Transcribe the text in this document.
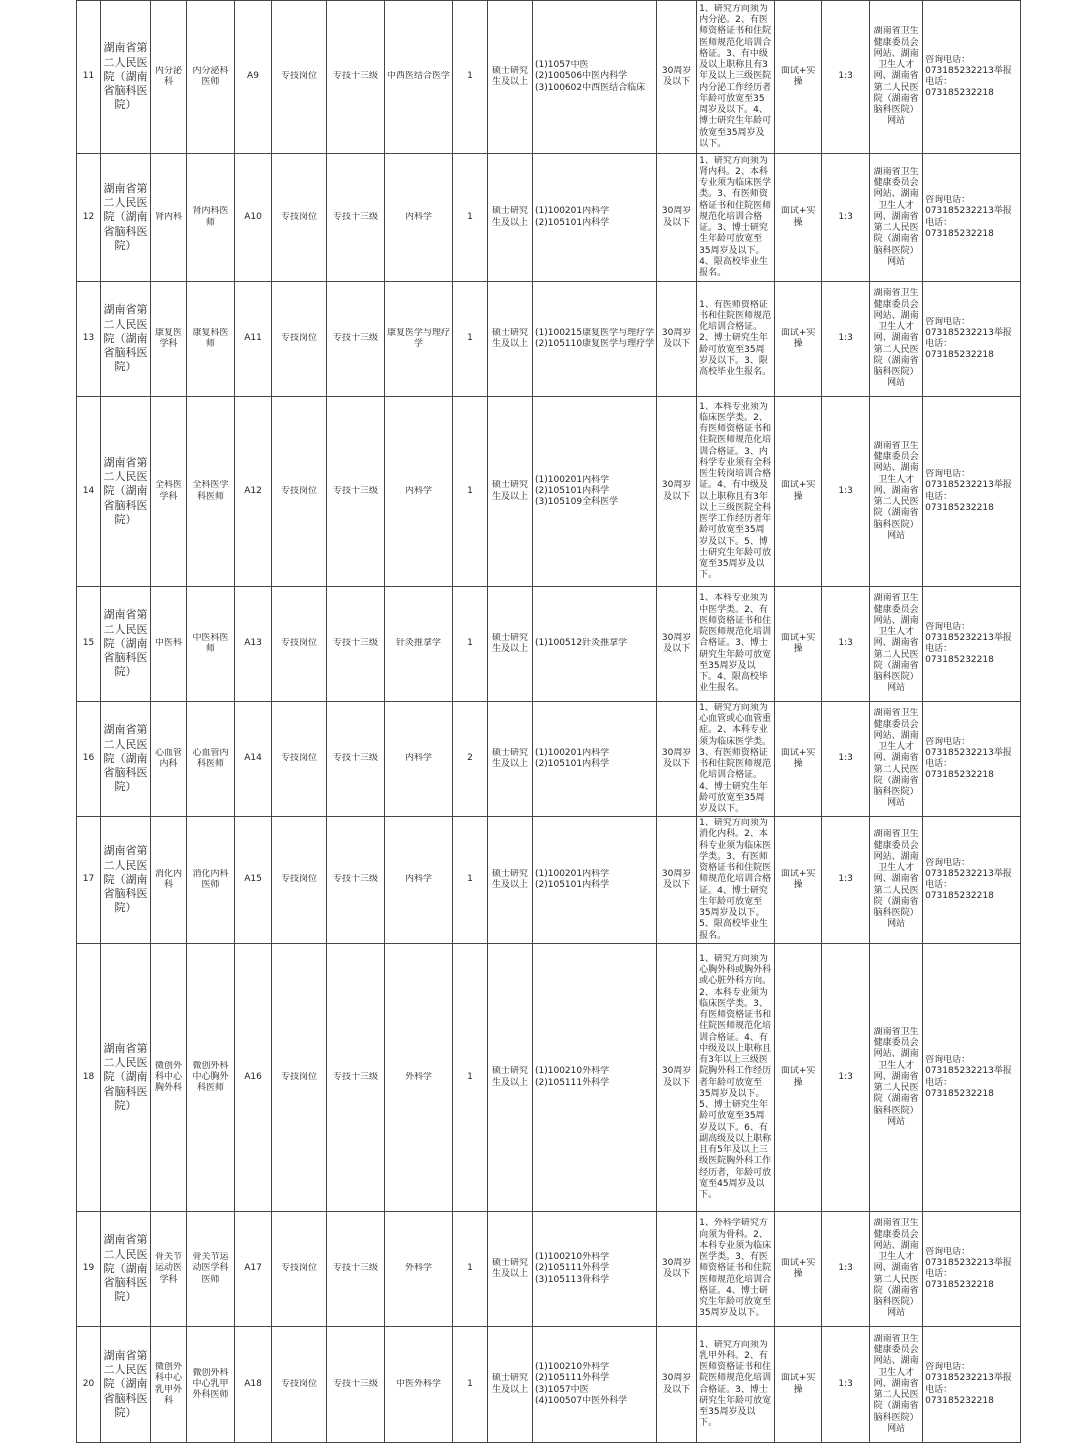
11	湖南省第二人民医院（湖南省脑科医院）	内分泌科	内分泌科医师	A9	专技岗位	专技十三级	中西医结合医学	1	硕士研究生及以上	(1)1057中医
(2)100506中医内科学
(3)100602中西医结合临床	30周岁及以下	1、研究方向须为内分泌。2、有医师资格证书和住院医师规范化培训合格证。3、有中级及以上职称且有3年及以上三级医院内分泌工作经历者年龄可放宽至35周岁及以下。4、博士研究生年龄可放宽至35周岁及以下。	面试+实操	1:3	湖南省卫生健康委员会网站、湖南卫生人才网、湖南省第二人民医院（湖南省脑科医院）网站	咨询电话：073185232213举报电话：073185232218

12	湖南省第二人民医院（湖南省脑科医院）	肾内科	肾内科医师	A10	专技岗位	专技十三级	内科学	1	硕士研究生及以上	(1)100201内科学
(2)105101内科学	30周岁及以下	1、研究方向须为肾内科。2、本科专业须为临床医学类。3、有医师资格证书和住院医师规范化培训合格证。3、博士研究生年龄可放宽至35周岁及以下。4、限高校毕业生报名。	面试+实操	1:3	湖南省卫生健康委员会网站、湖南卫生人才网、湖南省第二人民医院（湖南省脑科医院）网站	咨询电话：073185232213举报电话：073185232218

13	湖南省第二人民医院（湖南省脑科医院）	康复医学科	康复科医师	A11	专技岗位	专技十三级	康复医学与理疗学	1	硕士研究生及以上	(1)100215康复医学与理疗学
(2)105110康复医学与理疗学	30周岁及以下	1、有医师资格证书和住院医师规范化培训合格证。2、博士研究生年龄可放宽至35周岁及以下。3、限高校毕业生报名。	面试+实操	1:3	湖南省卫生健康委员会网站、湖南卫生人才网、湖南省第二人民医院（湖南省脑科医院）网站	咨询电话：073185232213举报电话：073185232218

14	湖南省第二人民医院（湖南省脑科医院）	全科医学科	全科医学科医师	A12	专技岗位	专技十三级	内科学	1	硕士研究生及以上	(1)100201内科学
(2)105101内科学
(3)105109全科医学	30周岁及以下	1、本科专业须为临床医学类。2、有医师资格证书和住院医师规范化培训合格证。3、内科学专业须有全科医生转岗培训合格证。4、有中级及以上职称且有3年以上三级医院全科医学工作经历者年龄可放宽至35周岁及以下。5、博士研究生年龄可放宽至35周岁及以下。	面试+实操	1:3	湖南省卫生健康委员会网站、湖南卫生人才网、湖南省第二人民医院（湖南省脑科医院）网站	咨询电话：073185232213举报电话：073185232218

15	湖南省第二人民医院（湖南省脑科医院）	中医科	中医科医师	A13	专技岗位	专技十三级	针灸推拿学	1	硕士研究生及以上	(1)100512针灸推拿学	30周岁及以下	1、本科专业须为中医学类。2、有医师资格证书和住院医师规范化培训合格证。3、博士研究生年龄可放宽至35周岁及以下。4、限高校毕业生报名。	面试+实操	1:3	湖南省卫生健康委员会网站、湖南卫生人才网、湖南省第二人民医院（湖南省脑科医院）网站	咨询电话：073185232213举报电话：073185232218

16	湖南省第二人民医院（湖南省脑科医院）	心血管内科	心血管内科医师	A14	专技岗位	专技十三级	内科学	2	硕士研究生及以上	(1)100201内科学
(2)105101内科学	30周岁及以下	1、研究方向须为心血管或心血管重症。2、本科专业须为临床医学类。3、有医师资格证书和住院医师规范化培训合格证。4、博士研究生年龄可放宽至35周岁及以下。	面试+实操	1:3	湖南省卫生健康委员会网站、湖南卫生人才网、湖南省第二人民医院（湖南省脑科医院）网站	咨询电话：073185232213举报电话：073185232218

17	湖南省第二人民医院（湖南省脑科医院）	消化内科	消化内科医师	A15	专技岗位	专技十三级	内科学	1	硕士研究生及以上	(1)100201内科学
(2)105101内科学	30周岁及以下	1、研究方向须为消化内科。2、本科专业须为临床医学类。3、有医师资格证书和住院医师规范化培训合格证。4、博士研究生年龄可放宽至35周岁及以下。5、限高校毕业生报名。	面试+实操	1:3	湖南省卫生健康委员会网站、湖南卫生人才网、湖南省第二人民医院（湖南省脑科医院）网站	咨询电话：073185232213举报电话：073185232218

18	湖南省第二人民医院（湖南省脑科医院）	微创外科中心胸外科	微创外科中心胸外科医师	A16	专技岗位	专技十三级	外科学	1	硕士研究生及以上	(1)100210外科学
(2)105111外科学	30周岁及以下	1、研究方向须为心胸外科或胸外科或心脏外科方向。2、本科专业须为临床医学类。3、有医师资格证书和住院医师规范化培训合格证。4、有中级及以上职称且有3年以上三级医院胸外科工作经历者年龄可放宽至35周岁及以下。5、博士研究生年龄可放宽至35周岁及以下。6、有副高级及以上职称且有5年及以上三级医院胸外科工作经历者，年龄可放宽至45周岁及以下。	面试+实操	1:3	湖南省卫生健康委员会网站、湖南卫生人才网、湖南省第二人民医院（湖南省脑科医院）网站	咨询电话：073185232213举报电话：073185232218

19	湖南省第二人民医院（湖南省脑科医院）	骨关节运动医学科	骨关节运动医学科医师	A17	专技岗位	专技十三级	外科学	1	硕士研究生及以上	(1)100210外科学
(2)105111外科学
(3)105113骨科学	30周岁及以下	1、外科学研究方向须为骨科。2、本科专业须为临床医学类。3、有医师资格证书和住院医师规范化培训合格证。4、博士研究生年龄可放宽至35周岁及以下。	面试+实操	1:3	湖南省卫生健康委员会网站、湖南卫生人才网、湖南省第二人民医院（湖南省脑科医院）网站	咨询电话：073185232213举报电话：073185232218

20	湖南省第二人民医院（湖南省脑科医院）	微创外科中心乳甲外科	微创外科中心乳甲外科医师	A18	专技岗位	专技十三级	中医外科学	1	硕士研究生及以上	(1)100210外科学
(2)105111外科学
(3)1057中医
(4)100507中医外科学	30周岁及以下	1、研究方向须为乳甲外科。2、有医师资格证书和住院医师规范化培训合格证。3、博士研究生年龄可放宽至35周岁及以下。	面试+实操	1:3	湖南省卫生健康委员会网站、湖南卫生人才网、湖南省第二人民医院（湖南省脑科医院）网站	咨询电话：073185232213举报电话：073185232218
